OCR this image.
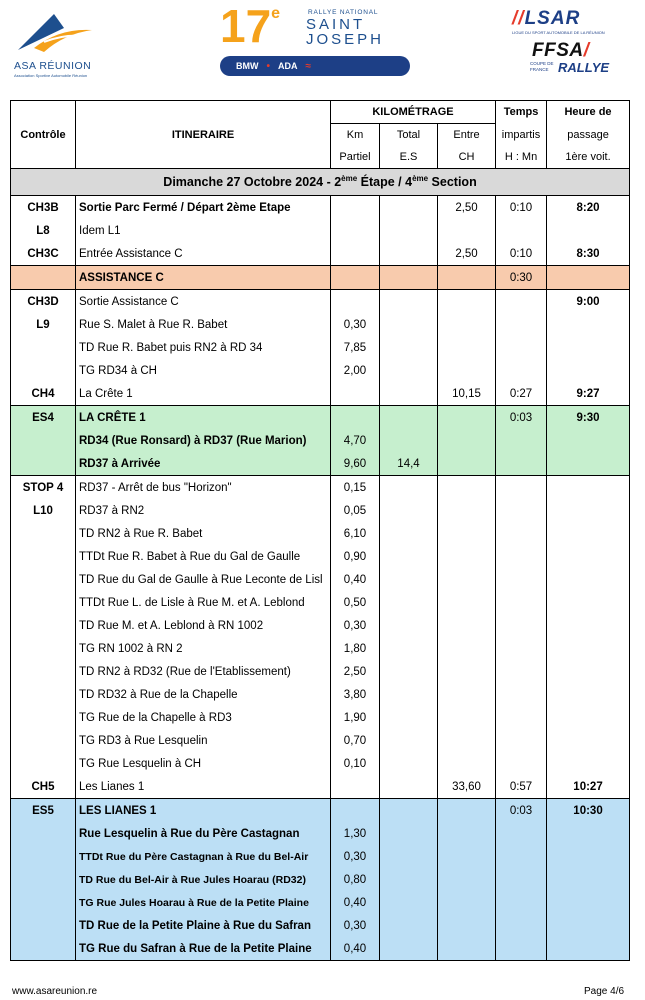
ASA RÉUNION
Association Sportive Automobile Réunion
17e	RALLYE NATIONAL
SAINT
JOSEPH
BMW • ADA ≈
//LSAR
LIGUE DU SPORT AUTOMOBILE DE LA RÉUNION
FFSA/
COUPE DE FRANCE RALLYE
Contrôle	ITINERAIRE	KILOMÉTRAGE			Temps	Heure de
		Km	Total	Entre	impartis	passage
		Partiel	E.S	CH	H : Mn	1ère voit.
Dimanche 27 Octobre 2024 - 2ème Étape / 4ème Section						
CH3B	Sortie Parc Fermé / Départ 2ème Etape			2,50	0:10	8:20
L8	Idem L1					
CH3C	Entrée Assistance C			2,50	0:10	8:30
	ASSISTANCE C				0:30	
CH3D	Sortie Assistance C					9:00
L9	Rue S. Malet à Rue R. Babet	0,30				
	TD Rue R. Babet puis RN2 à RD 34	7,85				
	TG RD34 à CH	2,00				
CH4	La Crête 1			10,15	0:27	9:27
ES4	LA CRÊTE 1				0:03	9:30
	RD34 (Rue Ronsard) à RD37 (Rue Marion)	4,70				
	RD37 à Arrivée	9,60	14,4			
STOP 4	RD37 - Arrêt de bus "Horizon"	0,15				
L10	RD37 à RN2	0,05				
	TD RN2 à Rue R. Babet	6,10				
	TTDt Rue R. Babet à Rue du Gal de Gaulle	0,90				
	TD Rue du Gal de Gaulle à Rue Leconte de Lisl	0,40				
	TTDt Rue L. de Lisle à Rue M. et A. Leblond	0,50				
	TD Rue M. et A. Leblond à RN 1002	0,30				
	TG RN 1002 à RN 2	1,80				
	TD RN2 à RD32 (Rue de l'Etablissement)	2,50				
	TD RD32 à Rue de la Chapelle	3,80				
	TG Rue de la Chapelle à RD3	1,90				
	TG RD3 à Rue Lesquelin	0,70				
	TG Rue Lesquelin à CH	0,10				
CH5	Les Lianes 1			33,60	0:57	10:27
ES5	LES LIANES 1				0:03	10:30
	Rue Lesquelin à Rue du Père Castagnan	1,30				
	TTDt Rue du Père Castagnan à Rue du Bel-Air	0,30				
	TD Rue du Bel-Air à Rue Jules Hoarau (RD32)	0,80				
	TG Rue Jules Hoarau à Rue de la Petite Plaine	0,40				
	TD Rue de la Petite Plaine à Rue du Safran	0,30				
	TG Rue du Safran à Rue de la Petite Plaine	0,40				
www.asareunion.re	Page 4/6
